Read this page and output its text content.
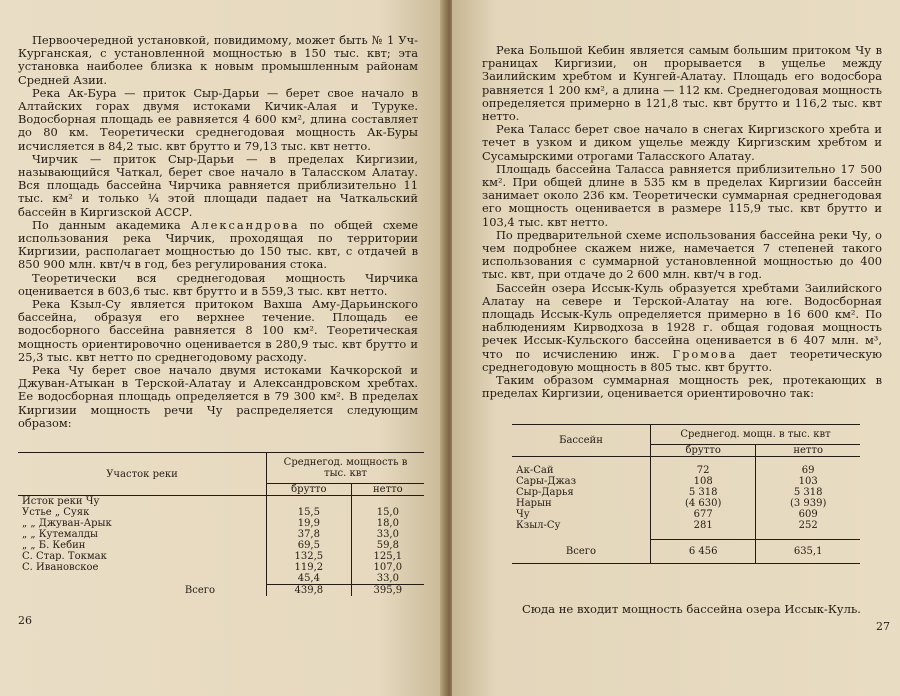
Первоочередной установкой, повидимому, может быть № 1 Уч-Курганская, с установленной мощностью в 150 тыс. квт; эта установка наиболее близка к новым промышленным районам Средней Азии.

Река Ак-Бура — приток Сыр-Дарьи — берет свое начало в Алтайских горах двумя истоками Кичик-Алая и Туруке. Водосборная площадь ее равняется 4 600 км², длина составляет до 80 км. Теоретически среднегодовая мощность Ак-Буры исчисляется в 84,2 тыс. квт брутто и 79,13 тыс. квт нетто.

Чирчик — приток Сыр-Дарьи — в пределах Киргизии, называющийся Чаткал, берет свое начало в Таласском Алатау. Вся площадь бассейна Чирчика равняется приблизительно 11 тыс. км² и только ¼ этой площади падает на Чаткальский бассейн в Киргизской АССР.

По данным академика Александрова по общей схеме использования река Чирчик, проходящая по территории Киргизии, располагает мощностью до 150 тыс. квт, с отдачей в 850 900 млн. квт/ч в год, без регулирования стока.

Теоретически вся среднегодовая мощность Чирчика оценивается в 603,6 тыс. квт брутто и в 559,3 тыс. квт нетто.

Река Кзыл-Су является притоком Вахша Аму-Дарьинского бассейна, образуя его верхнее течение. Площадь ее водосборного бассейна равняется 8 100 км². Теоретическая мощность ориентировочно оценивается в 280,9 тыс. квт брутто и 25,3 тыс. квт нетто по среднегодовому расходу.

Река Чу берет свое начало двумя истоками Качкорской и Джуван-Атыкан в Терской-Алатау и Александровском хребтах. Ее водосборная площадь определяется в 79 300 км². В пределах Киргизии мощность речи Чу распределяется следующим образом:

Участок реки	Среднегод. мощность в тыс. квт	
	брутто	нетто
Исток реки Чу		
Устье „ Суяк	15,5	15,0
„ „ Джуван-Арык	19,9	18,0
„ „ Кутемалды	37,8	33,0
„ „ Б. Кебин	69,5	59,8
С. Стар. Токмак	132,5	125,1
С. Ивановское	119,2	107,0
	45,4	33,0
Всего	439,8	395,9
26

Река Большой Кебин является самым большим притоком Чу в границах Киргизии, он прорывается в ущелье между Заилийским хребтом и Кунгей-Алатау. Площадь его водосбора равняется 1 200 км², а длина — 112 км. Среднегодовая мощность определяется примерно в 121,8 тыс. квт брутто и 116,2 тыс. квт нетто.

Река Таласс берет свое начало в снегах Киргизского хребта и течет в узком и диком ущелье между Киргизским хребтом и Сусамырскими отрогами Таласского Алатау.

Площадь бассейна Таласса равняется приблизительно 17 500 км². При общей длине в 535 км в пределах Киргизии бассейн занимает около 236 км. Теоретически суммарная среднегодовая его мощность оценивается в размере 115,9 тыс. квт брутто и 103,4 тыс. квт нетто.

По предварительной схеме использования бассейна реки Чу, о чем подробнее скажем ниже, намечается 7 степеней такого использования с суммарной установленной мощностью до 400 тыс. квт, при отдаче до 2 600 млн. квт/ч в год.

Бассейн озера Иссык-Куль образуется хребтами Заилийского Алатау на севере и Терской-Алатау на юге. Водосборная площадь Иссык-Куль определяется примерно в 16 600 км². По наблюдениям Кирводхоза в 1928 г. общая годовая мощность речек Иссык-Кульского бассейна оценивается в 6 407 млн. м³, что по исчислению инж. Громова дает теоретическую среднегодовую мощность в 805 тыс. квт брутто.

Таким образом суммарная мощность рек, протекающих в пределах Киргизии, оценивается ориентировочно так:

Бассейн	Среднегод. мощн. в тыс. квт	
	брутто	нетто
Ак-Сай	72	69
Сары-Джаз	108	103
Сыр-Дарья	5 318	5 318
Нарын	(4 630)	(3 939)
Чу	677	609
Кзыл-Су	281	252
Всего	6 456	635,1
Сюда не входит мощность бассейна озера Иссык-Куль.
27
